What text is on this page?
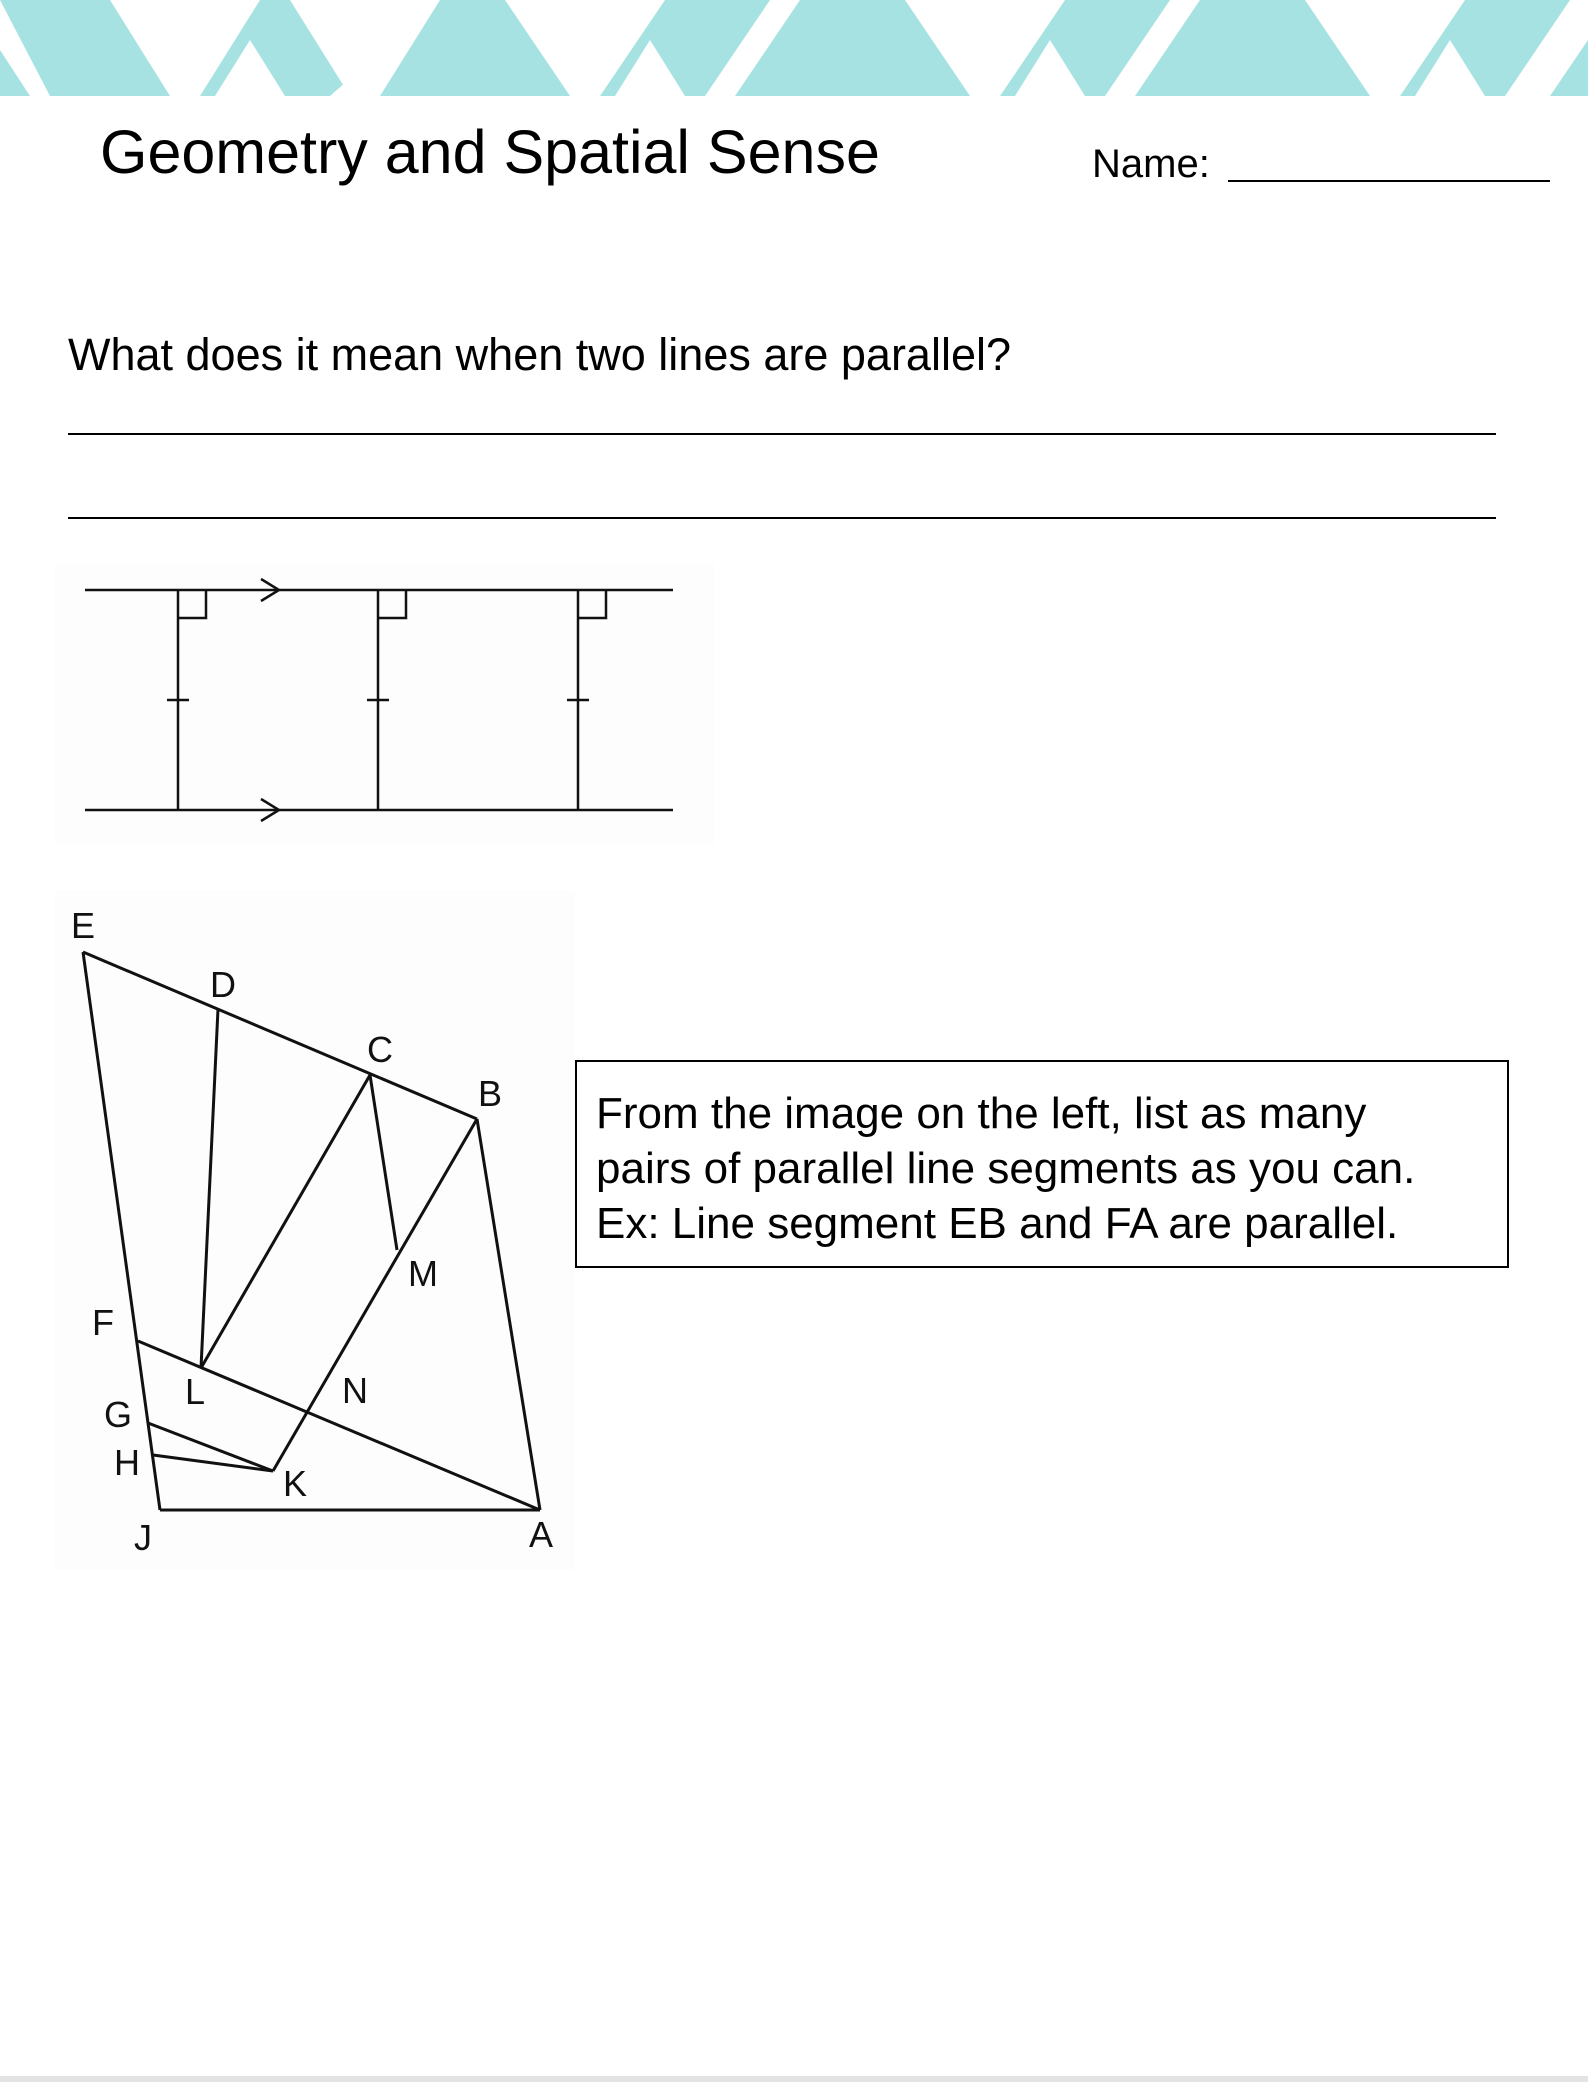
Geometry and Spatial Sense	Name:
What does it mean when two lines are parallel?
E
D
C
B
M
F
L	N
G
H
K
J	A
From the image on the left, list as many
pairs of parallel line segments as you can.
Ex: Line segment EB and FA are parallel.
